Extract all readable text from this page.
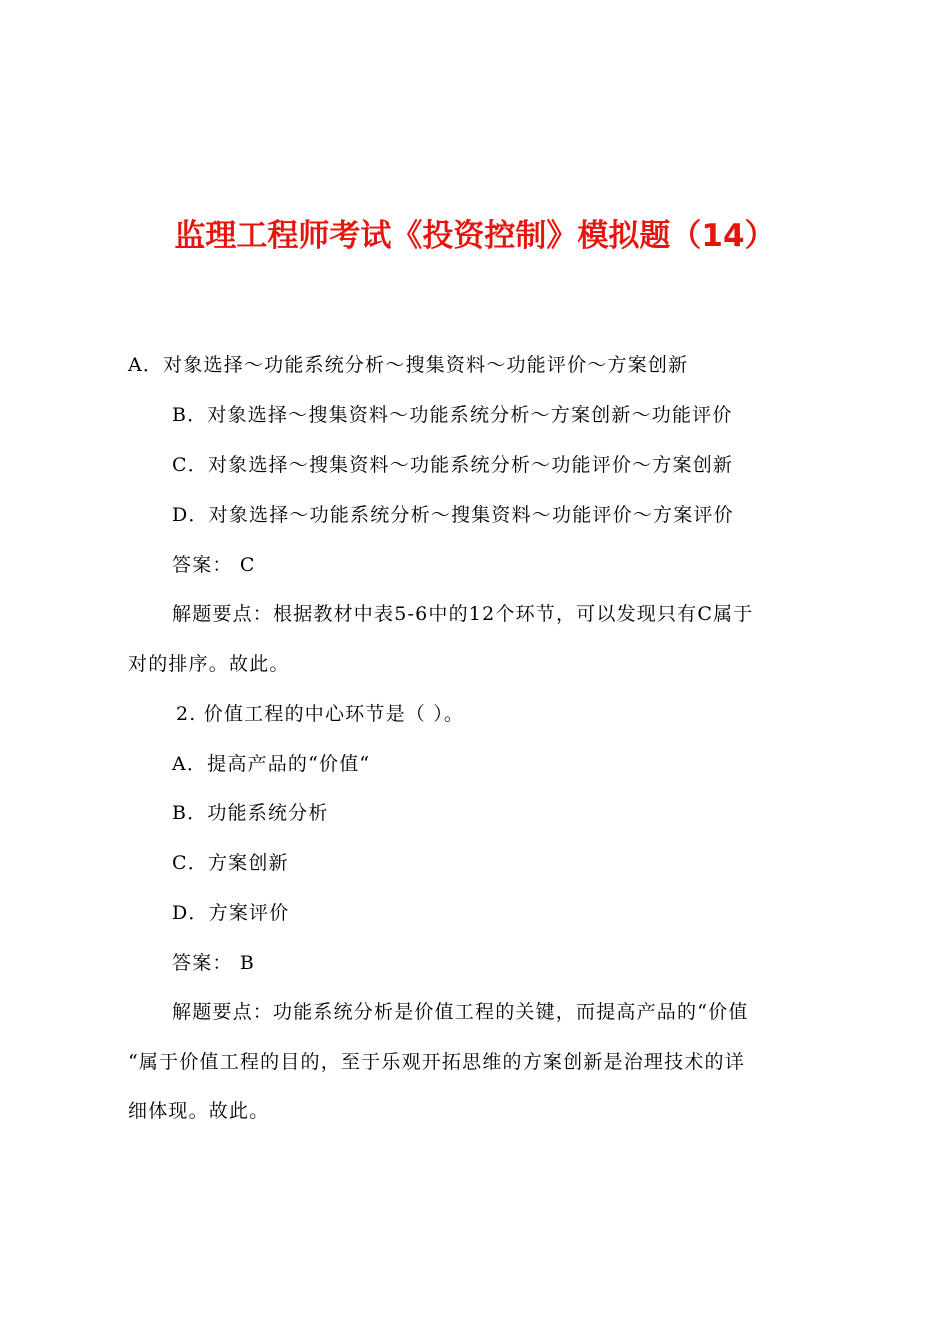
监理工程师考试《投资控制》模拟题（14）
A．对象选择～功能系统分析～搜集资料～功能评价～方案创新
B．对象选择～搜集资料～功能系统分析～方案创新～功能评价
C．对象选择～搜集资料～功能系统分析～功能评价～方案创新
D．对象选择～功能系统分析～搜集资料～功能评价～方案评价
答案： C
解题要点：根据教材中表5-6中的12个环节，可以发现只有C属于
对的排序。故此。
2. 价值工程的中心环节是（ ）。
A．提高产品的“价值“
B．功能系统分析
C．方案创新
D．方案评价
答案： B
解题要点：功能系统分析是价值工程的关键，而提高产品的“价值
“属于价值工程的目的，至于乐观开拓思维的方案创新是治理技术的详
细体现。故此。
